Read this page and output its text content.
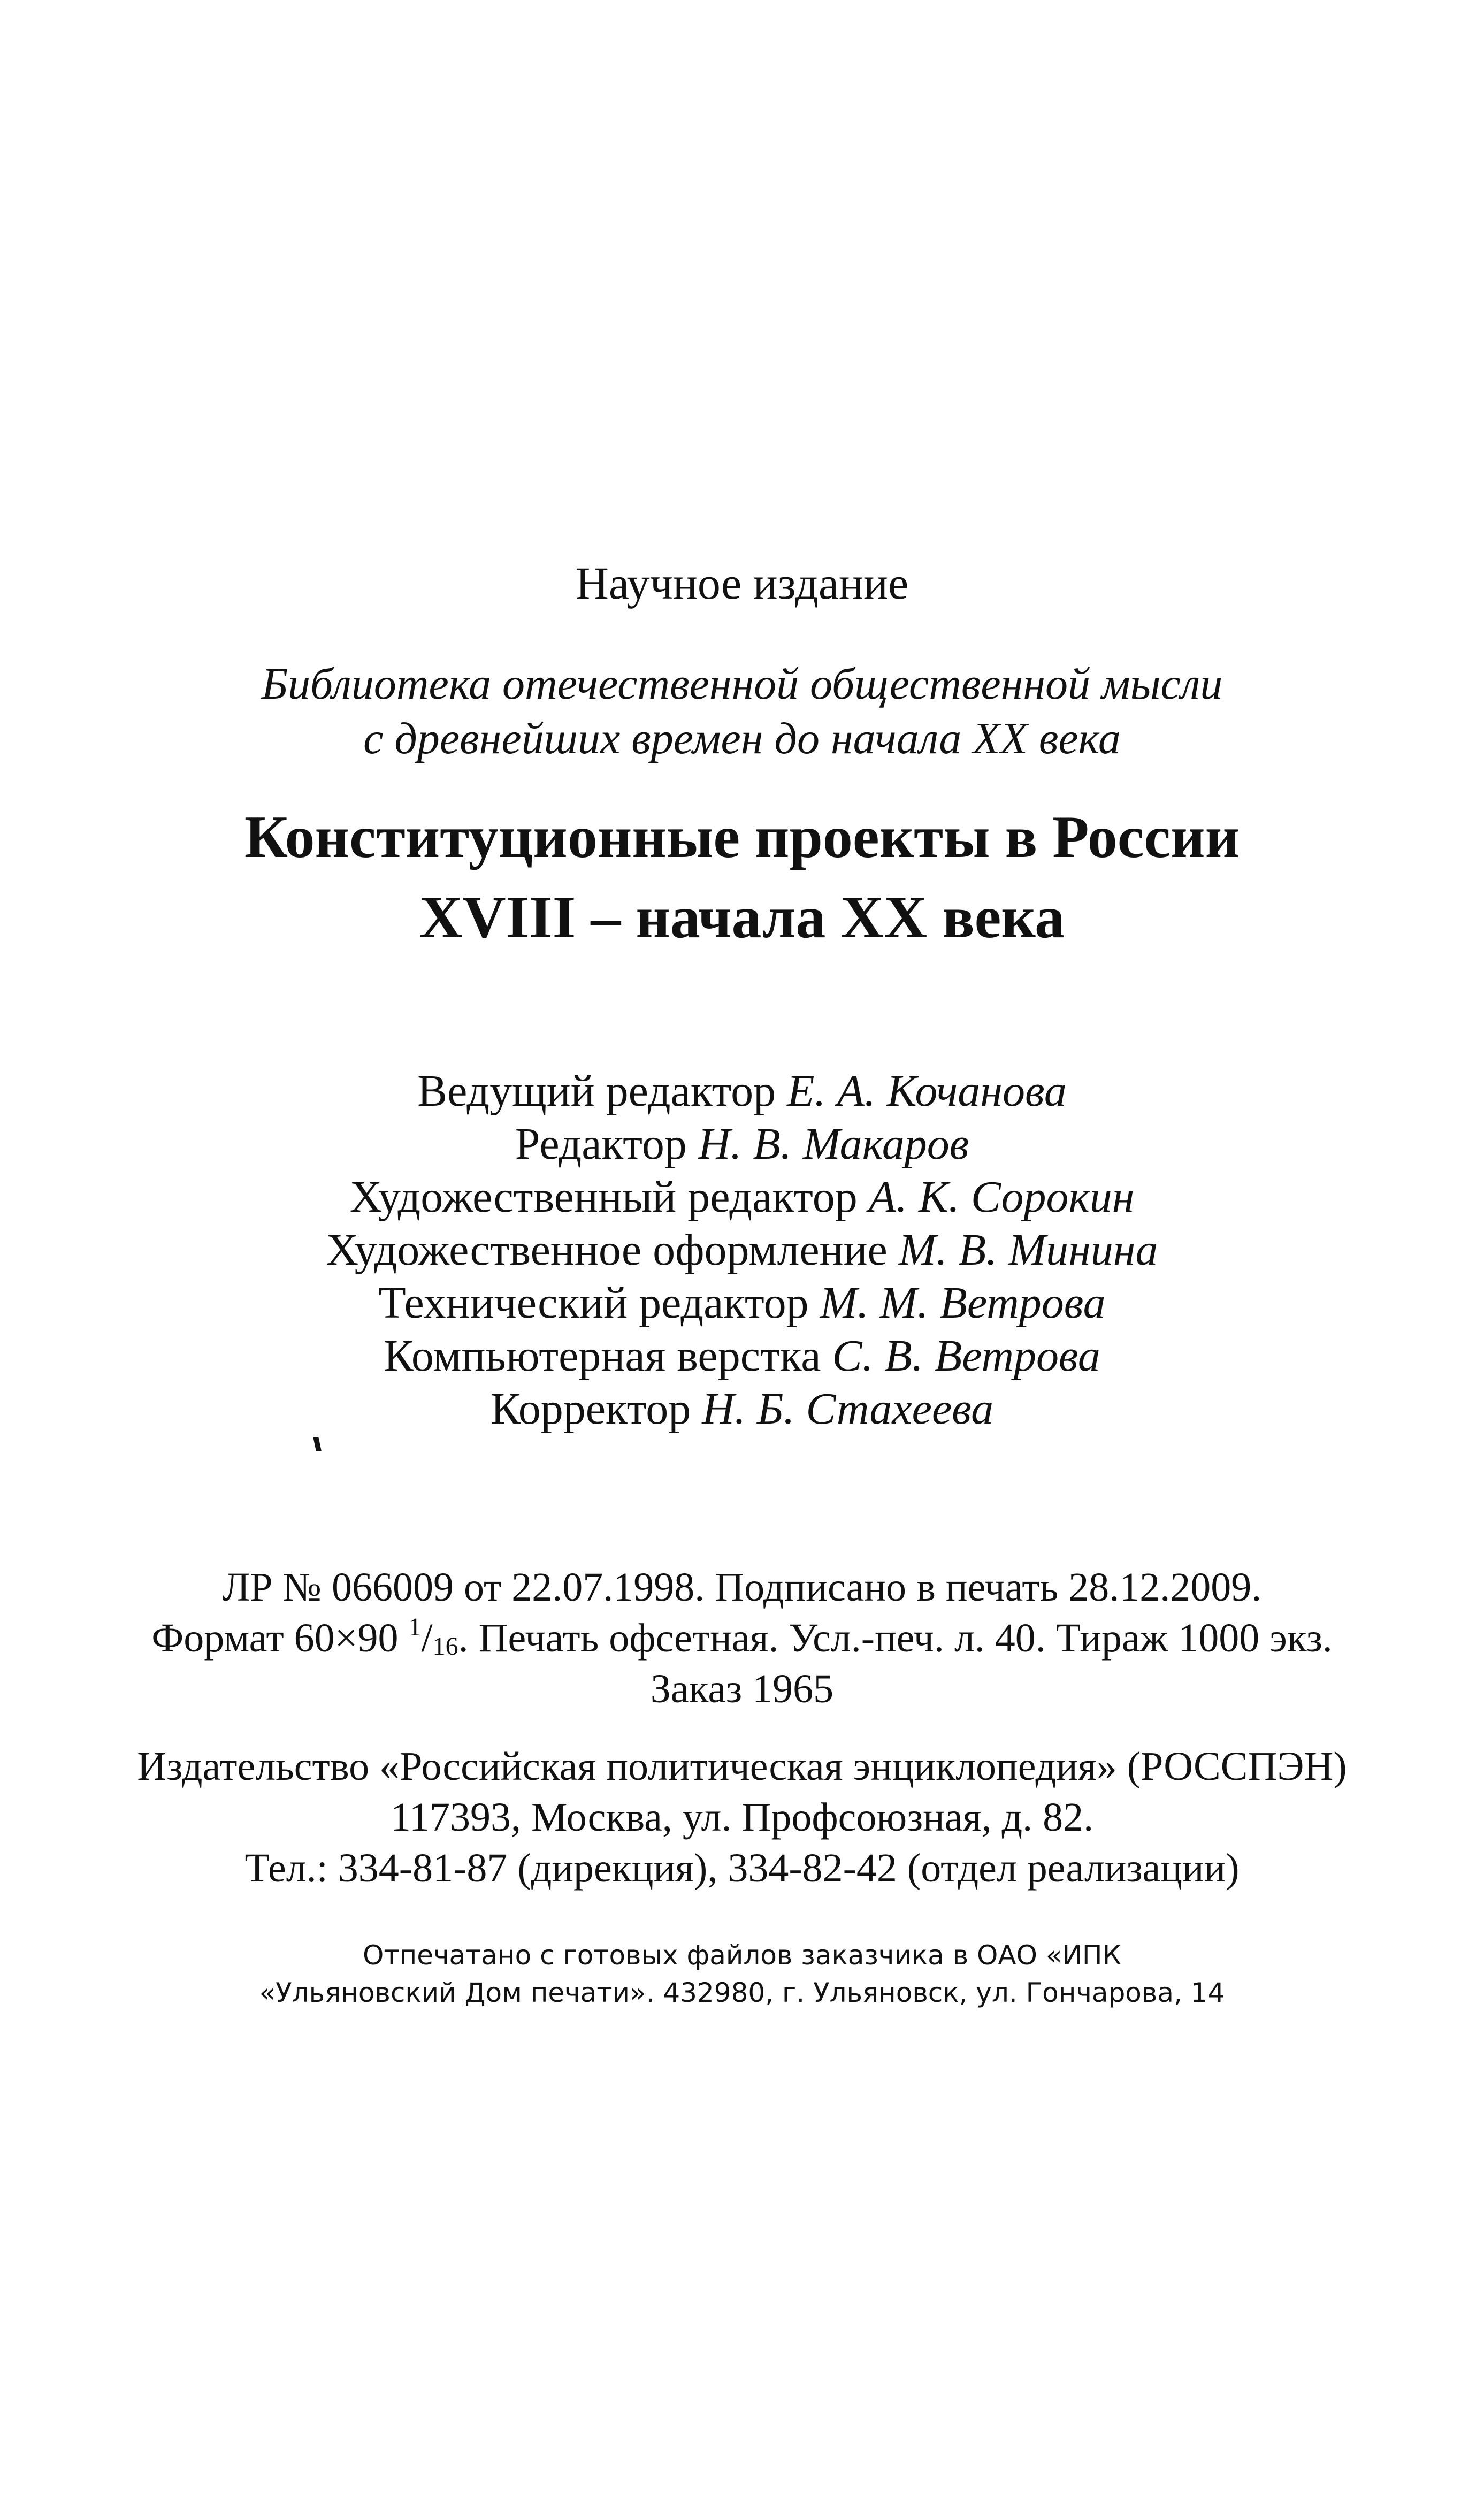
Научное издание
Библиотека отечественной общественной мысли
с древнейших времен до начала XX века
Конституционные проекты в России
XVIII – начала XX века
Ведущий редактор Е. А. Кочанова
Редактор Н. В. Макаров
Художественный редактор А. К. Сорокин
Художественное оформление М. В. Минина
Технический редактор М. М. Ветрова
Компьютерная верстка С. В. Ветрова
Корректор Н. Б. Стахеева
ЛР № 066009 от 22.07.1998. Подписано в печать 28.12.2009.
Формат 60×90 $^1/_{16}$. Печать офсетная. Усл.-печ. л. 40. Тираж 1000 экз.
Заказ 1965
Издательство «Российская политическая энциклопедия» (РОССПЭН)
117393, Москва, ул. Профсоюзная, д. 82.
Тел.: 334-81-87 (дирекция), 334-82-42 (отдел реализации)
Отпечатано с готовых файлов заказчика в ОАО «ИПК
«Ульяновский Дом печати». 432980, г. Ульяновск, ул. Гончарова, 14
